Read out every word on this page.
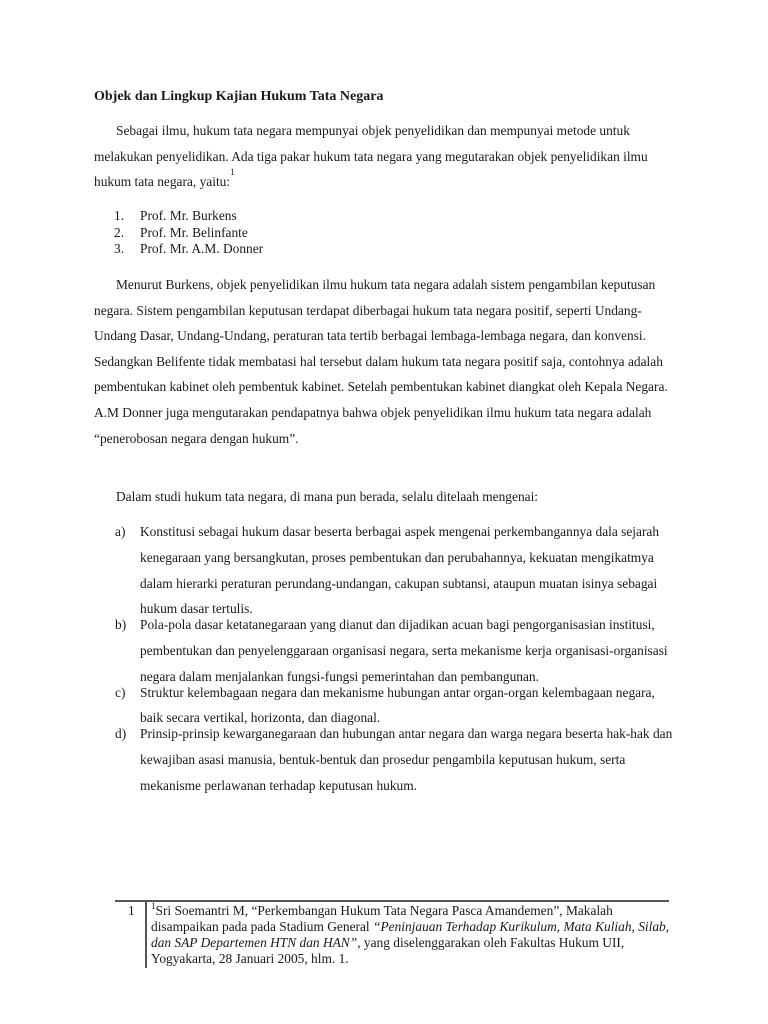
Objek dan Lingkup Kajian Hukum Tata Negara
Sebagai ilmu, hukum tata negara mempunyai objek penyelidikan dan mempunyai metode untuk melakukan penyelidikan. Ada tiga pakar hukum tata negara yang megutarakan objek penyelidikan ilmu hukum tata negara, yaitu:$^1$
1. Prof. Mr. Burkens
2. Prof. Mr. Belinfante
3. Prof. Mr. A.M. Donner
Menurut Burkens, objek penyelidikan ilmu hukum tata negara adalah sistem pengambilan keputusan negara. Sistem pengambilan keputusan terdapat diberbagai hukum tata negara positif, seperti Undang-Undang Dasar, Undang-Undang, peraturan tata tertib berbagai lembaga-lembaga negara, dan konvensi. Sedangkan Belifente tidak membatasi hal tersebut dalam hukum tata negara positif saja, contohnya adalah pembentukan kabinet oleh pembentuk kabinet. Setelah pembentukan kabinet diangkat oleh Kepala Negara. A.M Donner juga mengutarakan pendapatnya bahwa objek penyelidikan ilmu hukum tata negara adalah “penerobosan negara dengan hukum”.
Dalam studi hukum tata negara, di mana pun berada, selalu ditelaah mengenai:
a) Konstitusi sebagai hukum dasar beserta berbagai aspek mengenai perkembangannya dala sejarah kenegaraan yang bersangkutan, proses pembentukan dan perubahannya, kekuatan mengikatmya dalam hierarki peraturan perundang-undangan, cakupan subtansi, ataupun muatan isinya sebagai hukum dasar tertulis.
b) Pola-pola dasar ketatanegaraan yang dianut dan dijadikan acuan bagi pengorganisasian institusi, pembentukan dan penyelenggaraan organisasi negara, serta mekanisme kerja organisasi-organisasi negara dalam menjalankan fungsi-fungsi pemerintahan dan pembangunan.
c) Struktur kelembagaan negara dan mekanisme hubungan antar organ-organ kelembagaan negara, baik secara vertikal, horizonta, dan diagonal.
d) Prinsip-prinsip kewarganegaraan dan hubungan antar negara dan warga negara beserta hak-hak dan kewajiban asasi manusia, bentuk-bentuk dan prosedur pengambila keputusan hukum, serta mekanisme perlawanan terhadap keputusan hukum.
1 $^1$Sri Soemantri M, “Perkembangan Hukum Tata Negara Pasca Amandemen”, Makalah disampaikan pada pada Stadium General “Peninjauan Terhadap Kurikulum, Mata Kuliah, Silab, dan SAP Departemen HTN dan HAN”, yang diselenggarakan oleh Fakultas Hukum UII, Yogyakarta, 28 Januari 2005, hlm. 1.
